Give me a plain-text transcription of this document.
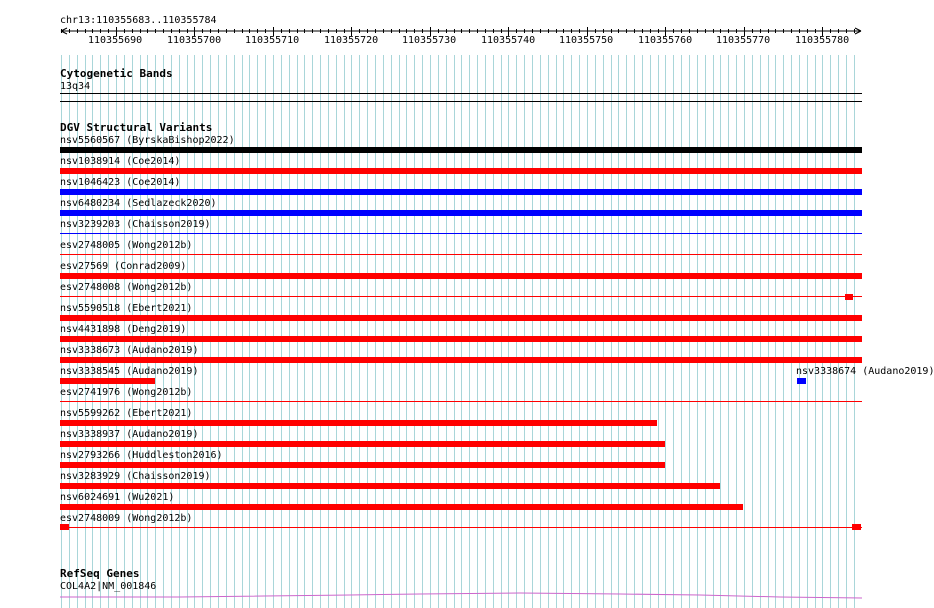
chr13:110355683..110355784
110355690 110355700 110355710 110355720 110355730 110355740 110355750 110355760 110355770 110355780
Cytogenetic Bands
13q34
DGV Structural Variants
nsv5560567 (ByrskaBishop2022)
nsv1038914 (Coe2014)
nsv1046423 (Coe2014)
nsv6480234 (Sedlazeck2020)
nsv3239203 (Chaisson2019)
esv2748005 (Wong2012b)
esv27569 (Conrad2009)
esv2748008 (Wong2012b)
nsv5590518 (Ebert2021)
nsv4431898 (Deng2019)
nsv3338673 (Audano2019)
nsv3338545 (Audano2019)	nsv3338674 (Audano2019)
esv2741976 (Wong2012b)
nsv5599262 (Ebert2021)
nsv3338937 (Audano2019)
nsv2793266 (Huddleston2016)
nsv3283929 (Chaisson2019)
nsv6024691 (Wu2021)
esv2748009 (Wong2012b)
RefSeq Genes
COL4A2|NM_001846
